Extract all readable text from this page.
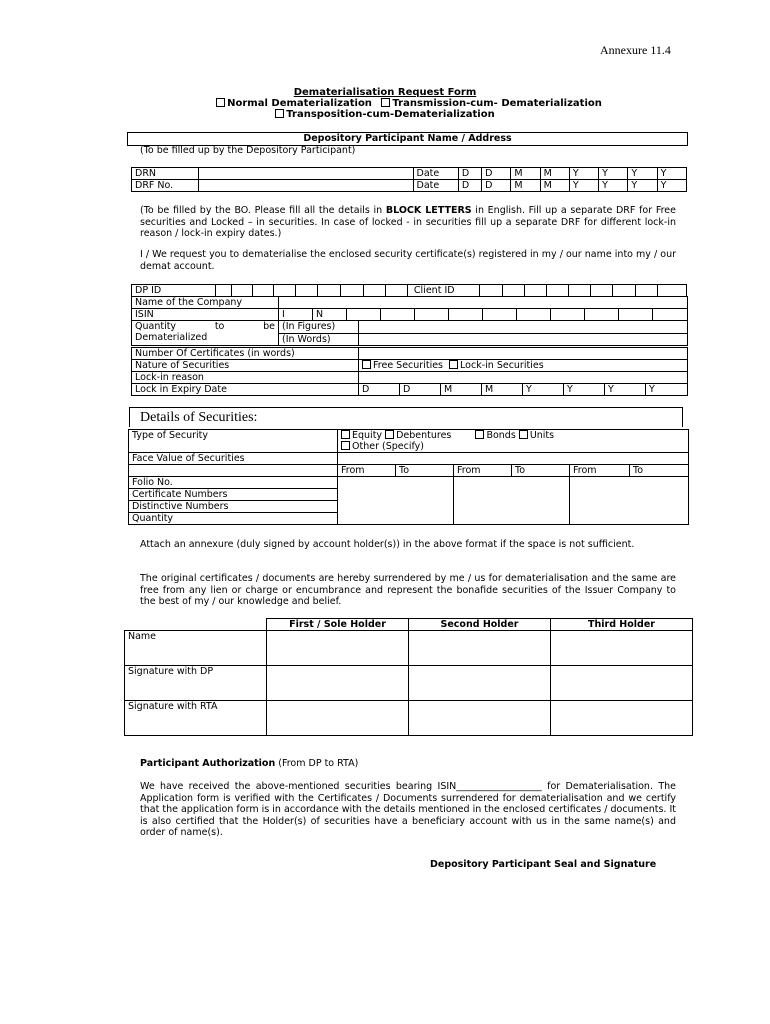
Annexure 11.4
Dematerialisation Request Form
Normal Dematerialization Transmission-cum- Dematerialization
Transposition-cum-Dematerialization
Depository Participant Name / Address
(To be filled up by the Depository Participant)
DRN		Date	D	D	M	M	Y	Y	Y	Y
DRF No.		Date	D	D	M	M	Y	Y	Y	Y
(To be filled by the BO. Please fill all the details in BLOCK LETTERS in English. Fill up a separate DRF for Free securities and Locked – in securities. In case of locked - in securities fill up a separate DRF for different lock-in reason / lock-in expiry dates.)
I / We request you to dematerialise the enclosed security certificate(s) registered in my / our name into my / our demat account.
DP ID										Client ID									
Name of the Company	
ISIN	I	N										
Quantity to be
Dematerialized	(In Figures)	
	(In Words)	
Number Of Certificates (in words)	
Nature of Securities	Free Securities Lock-in Securities
Lock-in reason	
Lock in Expiry Date	D	D	M	M	Y	Y	Y	Y
Details of Securities:
Type of Security	Equity Debentures Bonds Units
Other (Specify)					

Face Value of Securities						
	From	To	From	To	From	To
Folio No.						
Certificate Numbers						
Distinctive Numbers						
Quantity						
Attach an annexure (duly signed by account holder(s)) in the above format if the space is not sufficient.
The original certificates / documents are hereby surrendered by me / us for dematerialisation and the same are free from any lien or charge or encumbrance and represent the bonafide securities of the Issuer Company to the best of my / our knowledge and belief.
	First / Sole Holder	Second Holder	Third Holder
Name			
Signature with DP			
Signature with RTA			
Participant Authorization (From DP to RTA)
We have received the above-mentioned securities bearing ISIN__________________ for Dematerialisation. The Application form is verified with the Certificates / Documents surrendered for dematerialisation and we certify that the application form is in accordance with the details mentioned in the enclosed certificates / documents. It is also certified that the Holder(s) of securities have a beneficiary account with us in the same name(s) and order of name(s).
Depository Participant Seal and Signature
